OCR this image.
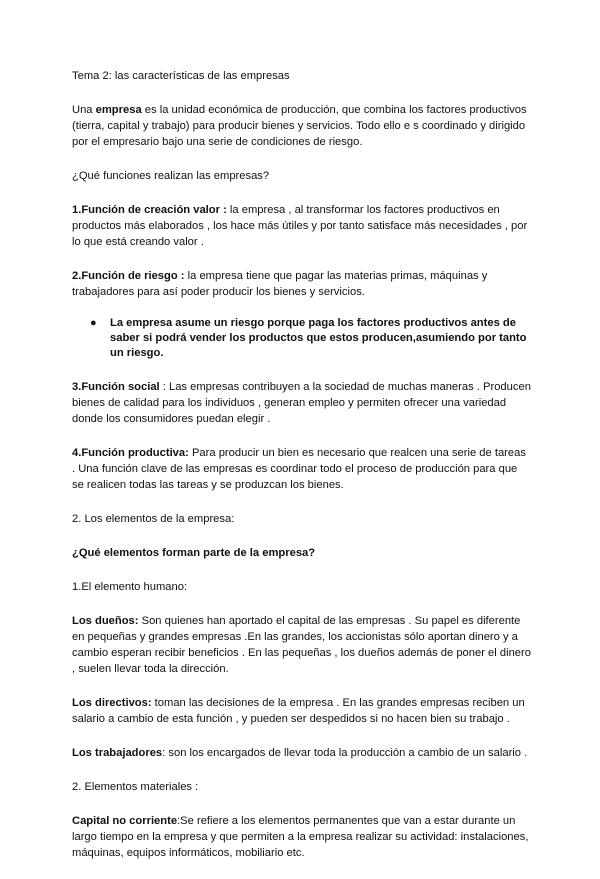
Tema 2: las características de las empresas

Una empresa es la unidad económica de producción, que combina los factores productivos (tierra, capital y trabajo) para producir bienes y servicios. Todo ello e s coordinado y dirigido por el empresario bajo una serie de condiciones de riesgo.

¿Qué funciones realizan las empresas?

1.Función de creación valor : la empresa , al transformar los factores productivos en productos más elaborados , los hace más útiles y por tanto satisface más necesidades , por lo que está creando valor .

2.Función de riesgo : la empresa tiene que pagar las materias primas, máquinas y trabajadores para así poder producir los bienes y servicios.

● La empresa asume un riesgo porque paga los factores productivos antes de saber si podrá vender los productos que estos producen,asumiendo por tanto un riesgo.

3.Función social : Las empresas contribuyen a la sociedad de muchas maneras . Producen bienes de calidad para los individuos , generan empleo y permiten ofrecer una variedad donde los consumidores puedan elegir .

4.Función productiva: Para producir un bien es necesario que realcen una serie de tareas . Una función clave de las empresas es coordinar todo el proceso de producción para que se realicen todas las tareas y se produzcan los bienes.

2. Los elementos de la empresa:

¿Qué elementos forman parte de la empresa?

1.El elemento humano:

Los dueños: Son quienes han aportado el capital de las empresas . Su papel es diferente en pequeñas y grandes empresas .En las grandes, los accionistas sólo aportan dinero y a cambio esperan recibir beneficios . En las pequeñas , los dueños además de poner el dinero , suelen llevar toda la dirección.

Los directivos: toman las decisiones de la empresa . En las grandes empresas reciben un salario a cambio de esta función , y pueden ser despedidos si no hacen bien su trabajo .

Los trabajadores: son los encargados de llevar toda la producción a cambio de un salario .

2. Elementos materiales :

Capital no corriente:Se refiere a los elementos permanentes que van a estar durante un largo tiempo en la empresa y que permiten a la empresa realizar su actividad: instalaciones, máquinas, equipos informáticos, mobiliario etc.
